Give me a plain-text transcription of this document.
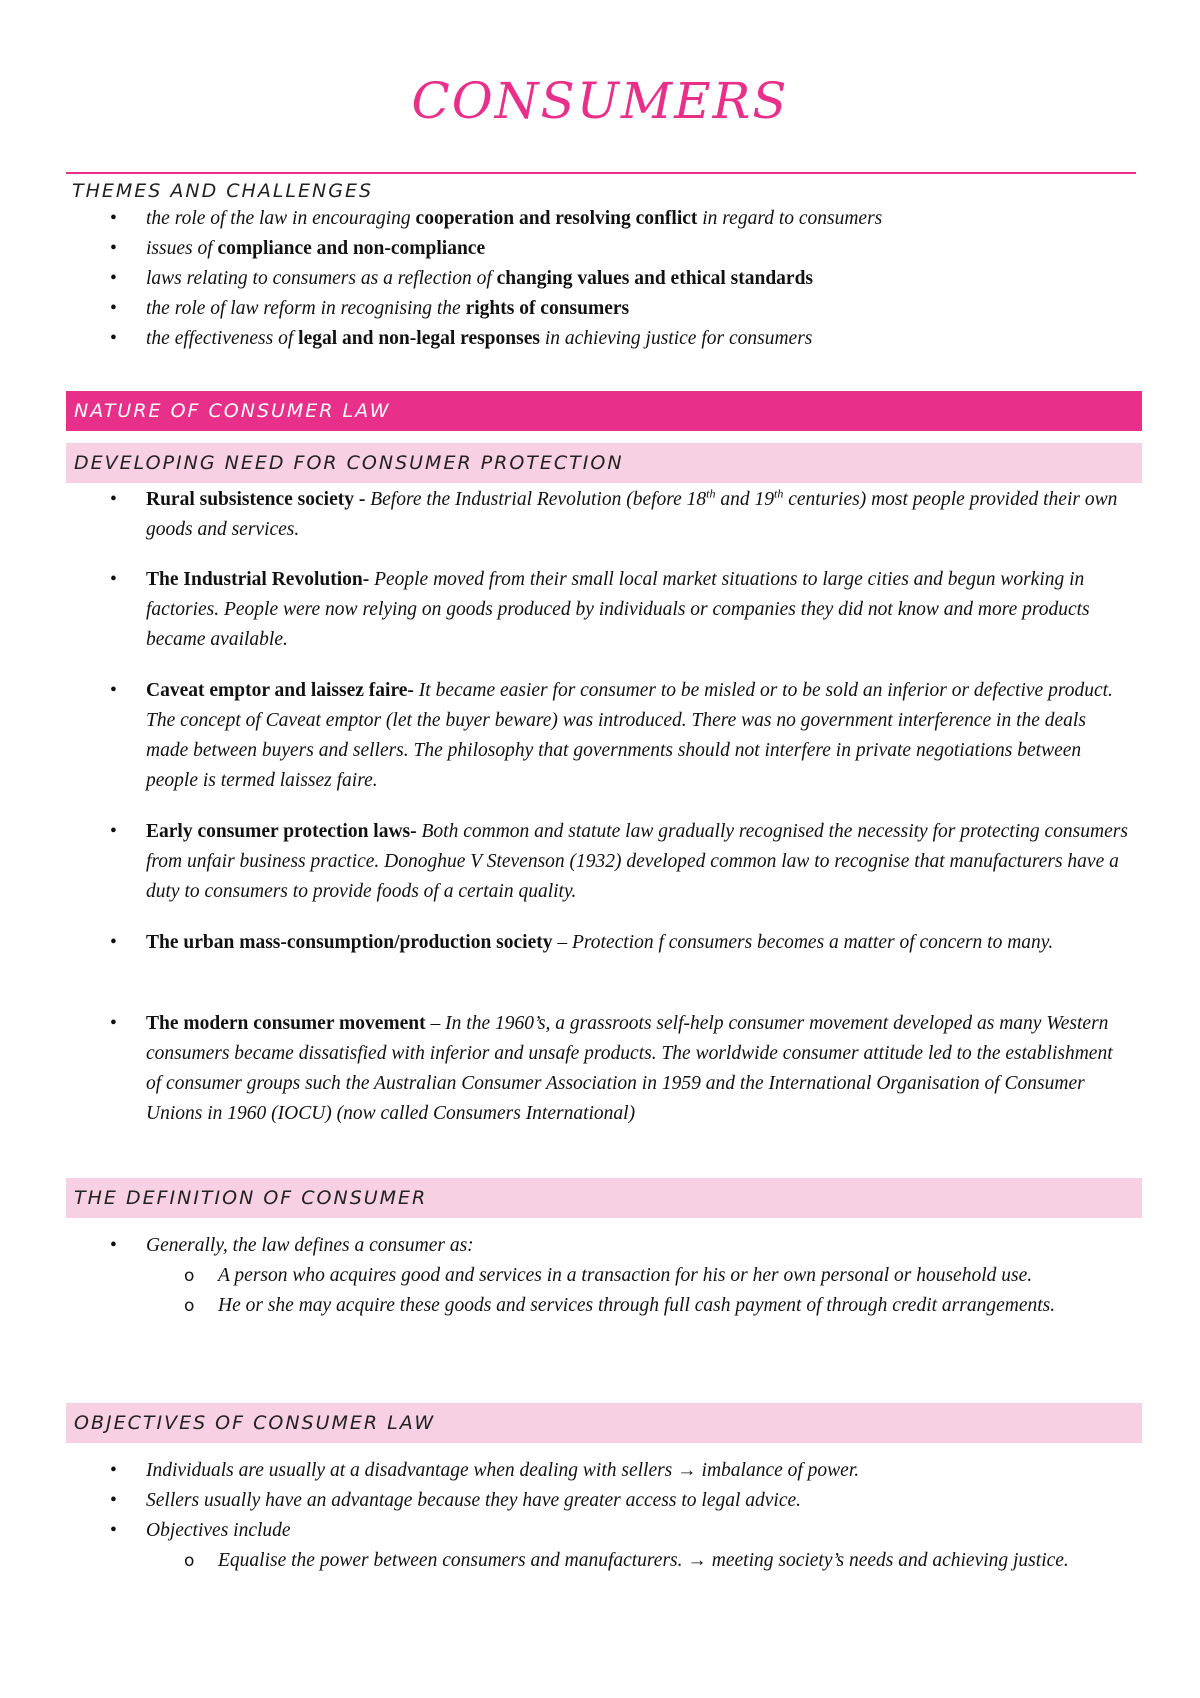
CONSUMERS
THEMES AND CHALLENGES
• the role of the law in encouraging cooperation and resolving conflict in regard to consumers
• issues of compliance and non-compliance
• laws relating to consumers as a reflection of changing values and ethical standards
• the role of law reform in recognising the rights of consumers
• the effectiveness of legal and non-legal responses in achieving justice for consumers
NATURE OF CONSUMER LAW
DEVELOPING NEED FOR CONSUMER PROTECTION
• Rural subsistence society - Before the Industrial Revolution (before 18th and 19th centuries) most people provided their own goods and services.
• The Industrial Revolution- People moved from their small local market situations to large cities and begun working in factories. People were now relying on goods produced by individuals or companies they did not know and more products became available.
• Caveat emptor and laissez faire- It became easier for consumer to be misled or to be sold an inferior or defective product. The concept of Caveat emptor (let the buyer beware) was introduced. There was no government interference in the deals made between buyers and sellers. The philosophy that governments should not interfere in private negotiations between people is termed laissez faire.
• Early consumer protection laws- Both common and statute law gradually recognised the necessity for protecting consumers from unfair business practice. Donoghue V Stevenson (1932) developed common law to recognise that manufacturers have a duty to consumers to provide foods of a certain quality.
• The urban mass-consumption/production society – Protection f consumers becomes a matter of concern to many.
• The modern consumer movement – In the 1960’s, a grassroots self-help consumer movement developed as many Western consumers became dissatisfied with inferior and unsafe products. The worldwide consumer attitude led to the establishment of consumer groups such the Australian Consumer Association in 1959 and the International Organisation of Consumer Unions in 1960 (IOCU) (now called Consumers International)
THE DEFINITION OF CONSUMER
• Generally, the law defines a consumer as:
o A person who acquires good and services in a transaction for his or her own personal or household use.
o He or she may acquire these goods and services through full cash payment of through credit arrangements.
OBJECTIVES OF CONSUMER LAW
• Individuals are usually at a disadvantage when dealing with sellers → imbalance of power.
• Sellers usually have an advantage because they have greater access to legal advice.
• Objectives include
o Equalise the power between consumers and manufacturers. → meeting society’s needs and achieving justice.
